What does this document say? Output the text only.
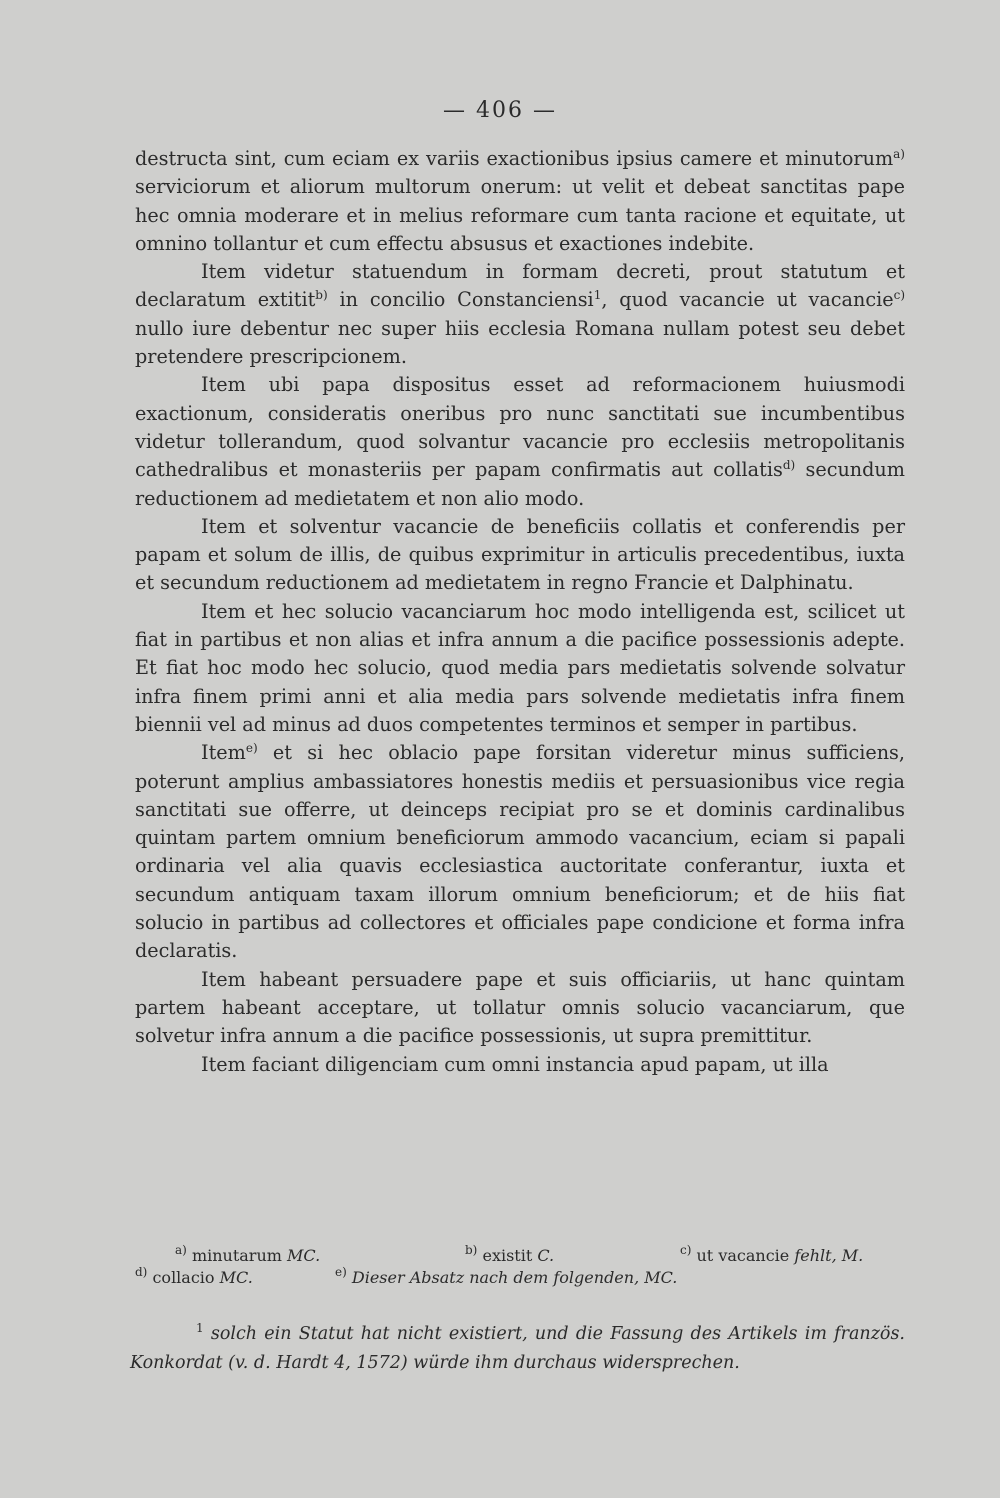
— 406 —

destructa sint, cum eciam ex variis exactionibus ipsius camere et minutorum$^{a)}$ serviciorum et aliorum multorum onerum: ut velit et debeat sanctitas pape hec omnia moderare et in melius reformare cum tanta racione et equitate, ut omnino tollantur et cum effectu absusus et exactiones indebite.

Item videtur statuendum in formam decreti, prout statutum et declaratum extitit$^{b)}$ in concilio Constanciensi$^1$, quod vacancie ut vacancie$^{c)}$ nullo iure debentur nec super hiis ecclesia Romana nullam potest seu debet pretendere prescripcionem.

Item ubi papa dispositus esset ad reformacionem huiusmodi exactionum, consideratis oneribus pro nunc sanctitati sue incumbentibus videtur tollerandum, quod solvantur vacancie pro ecclesiis metropolitanis cathedralibus et monasteriis per papam confirmatis aut collatis$^{d)}$ secundum reductionem ad medietatem et non alio modo.

Item et solventur vacancie de beneficiis collatis et conferendis per papam et solum de illis, de quibus exprimitur in articulis precedentibus, iuxta et secundum reductionem ad medietatem in regno Francie et Dalphinatu.

Item et hec solucio vacanciarum hoc modo intelligenda est, scilicet ut fiat in partibus et non alias et infra annum a die pacifice possessionis adepte. Et fiat hoc modo hec solucio, quod media pars medietatis solvende solvatur infra finem primi anni et alia media pars solvende medietatis infra finem biennii vel ad minus ad duos competentes terminos et semper in partibus.

Item$^{e)}$ et si hec oblacio pape forsitan videretur minus sufficiens, poterunt amplius ambassiatores honestis mediis et persuasionibus vice regia sanctitati sue offerre, ut deinceps recipiat pro se et dominis cardinalibus quintam partem omnium beneficiorum ammodo vacancium, eciam si papali ordinaria vel alia quavis ecclesiastica auctoritate conferantur, iuxta et secundum antiquam taxam illorum omnium beneficiorum; et de hiis fiat solucio in partibus ad collectores et officiales pape condicione et forma infra declaratis.

Item habeant persuadere pape et suis officiariis, ut hanc quintam partem habeant acceptare, ut tollatur omnis solucio vacanciarum, que solvetur infra annum a die pacifice possessionis, ut supra premittitur.

Item faciant diligenciam cum omni instancia apud papam, ut illa

$^{a)}$ minutarum MC.	$^{b)}$ existit C.	$^{c)}$ ut vacancie fehlt, M.
$^{d)}$ collacio MC.	$^{e)}$ Dieser Absatz nach dem folgenden, MC.
$^1$ solch ein Statut hat nicht existiert, und die Fassung des Artikels im französ. Konkordat (v. d. Hardt 4, 1572) würde ihm durchaus widersprechen.
